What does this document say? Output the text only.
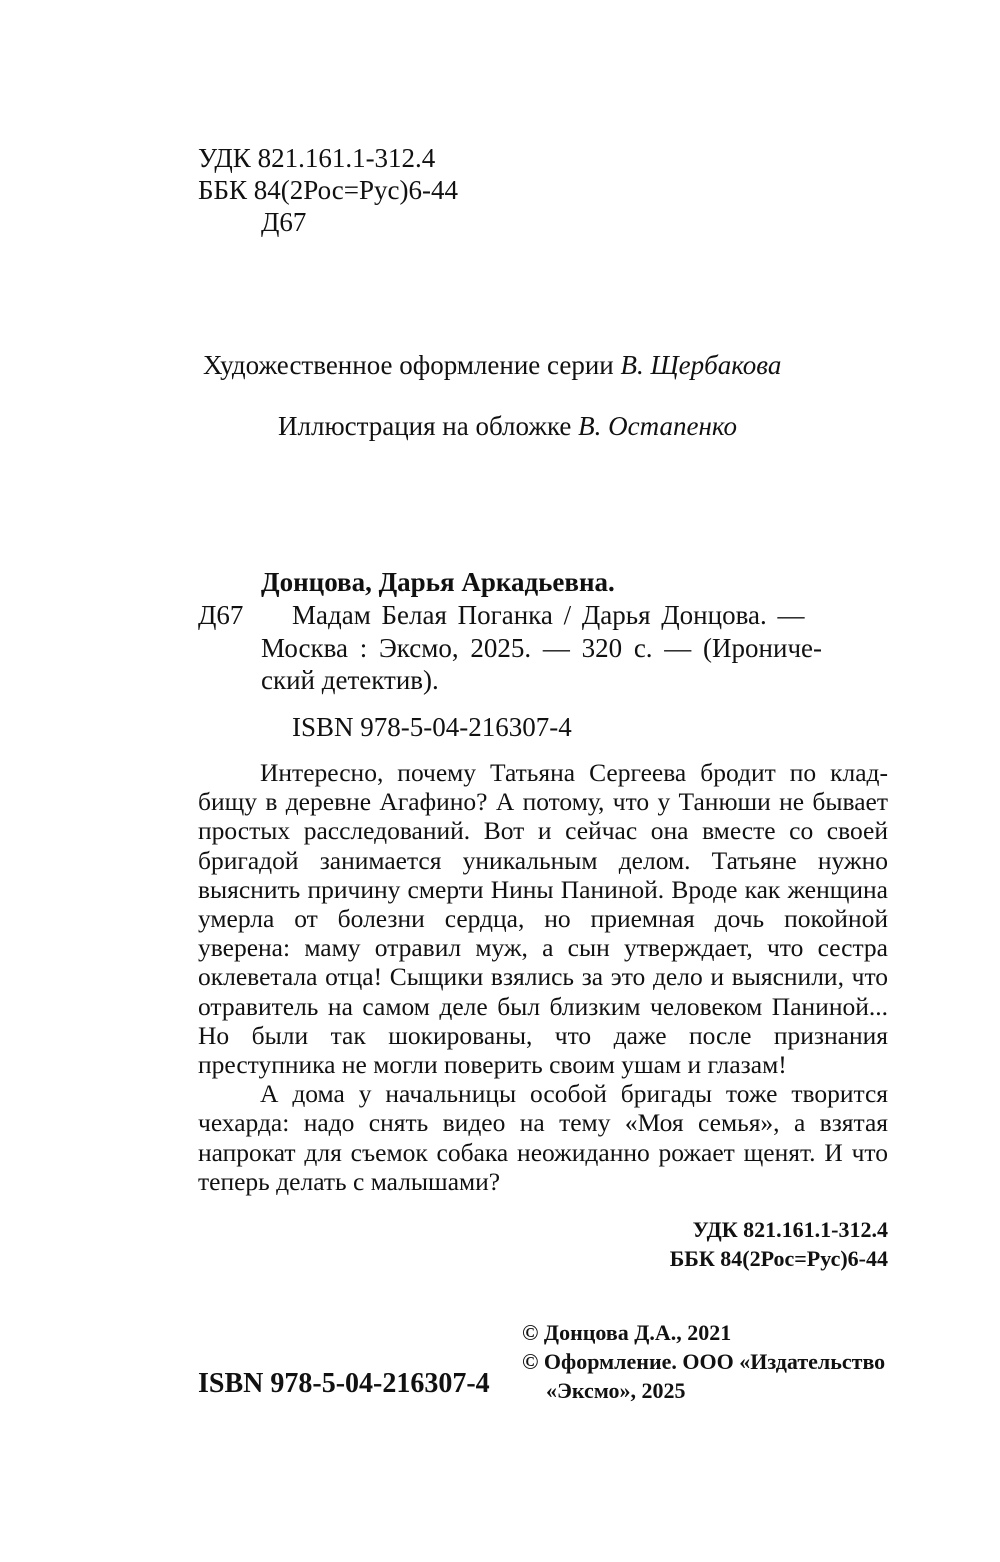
УДК 821.161.1-312.4
ББК 84(2Рос=Рус)6-44
Д67
Художественное оформление серии В. Щербакова
Иллюстрация на обложке В. Остапенко
Донцова, Дарья Аркадьевна.
Д67 Мадам Белая Поганка / Дарья Донцова. —
Москва : Эксмо, 2025. — 320 с. — (Ирониче-
ский детектив).
ISBN 978-5-04-216307-4

Интересно, почему Татьяна Сергеева бродит по кладбищу в деревне Агафино? А потому, что у Танюши не бывает простых расследований. Вот и сейчас она вместе со своей бригадой занимается уникальным делом. Татьяне нужно выяснить причину смерти Нины Паниной. Вроде как женщина умерла от болезни сердца, но приемная дочь покойной уверена: маму отравил муж, а сын утверждает, что сестра оклеветала отца! Сыщики взялись за это дело и выяснили, что отравитель на самом деле был близким человеком Паниной... Но были так шокированы, что даже после признания преступника не могли поверить своим ушам и глазам!

А дома у начальницы особой бригады тоже творится чехарда: надо снять видео на тему «Моя семья», а взятая напрокат для съемок собака неожиданно рожает щенят. И что теперь делать с малышами?

УДК 821.161.1-312.4
ББК 84(2Рос=Рус)6-44
© Донцова Д.А., 2021
© Оформление. ООО «Издательство
«Эксмо», 2025
ISBN 978-5-04-216307-4
